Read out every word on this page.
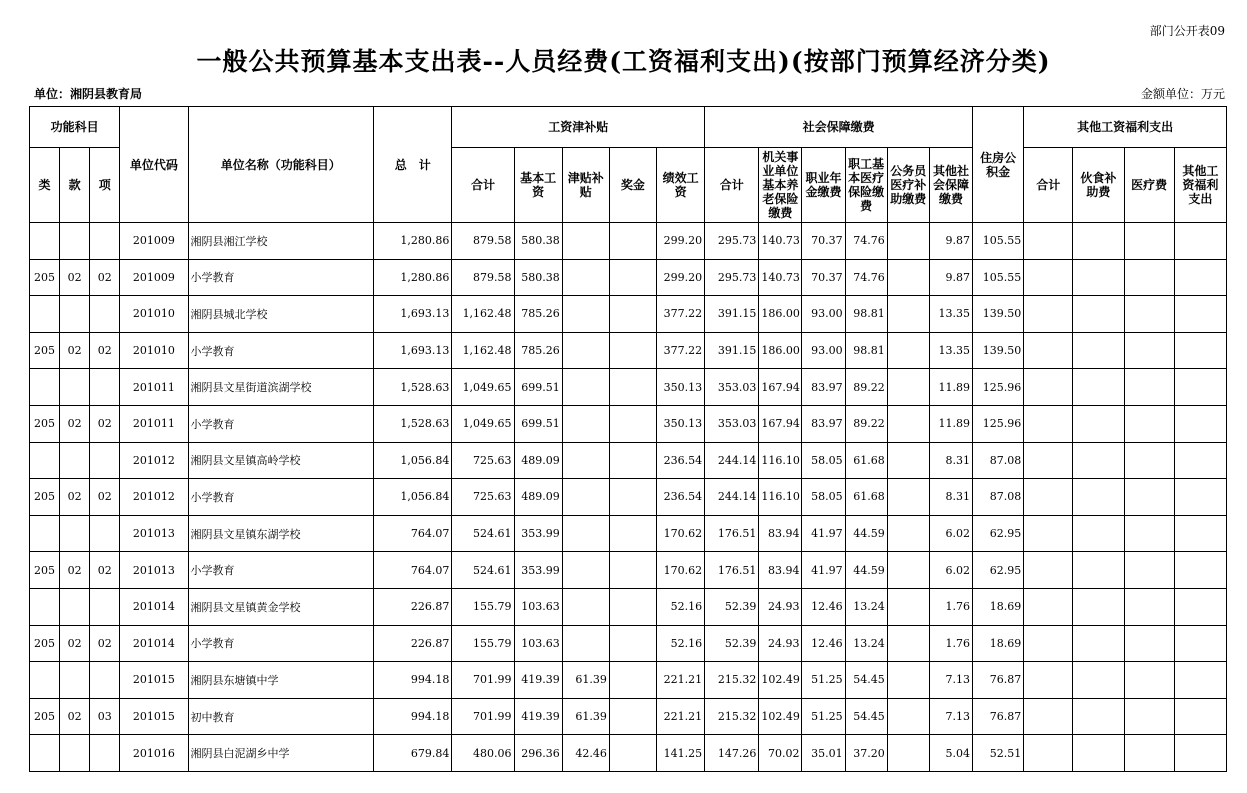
部门公开表09
一般公共预算基本支出表--人员经费(工资福利支出)(按部门预算经济分类)
单位：湘阴县教育局	金额单位：万元
功能科目			单位代码	单位名称（功能科目）	总　计	工资津补贴					社会保障缴费						住房公积金	其他工资福利支出			
类	款	项				合计	基本工资	津贴补贴	奖金	绩效工资	合计	机关事业单位基本养老保险缴费	职业年金缴费	职工基本医疗保险缴费	公务员医疗补助缴费	其他社会保障缴费		合计	伙食补助费	医疗费	其他工资福利支出
			201009	湘阴县湘江学校	1,280.86	879.58	580.38			299.20	295.73	140.73	70.37	74.76		9.87	105.55				
205	02	02	201009	小学教育	1,280.86	879.58	580.38			299.20	295.73	140.73	70.37	74.76		9.87	105.55				
			201010	湘阴县城北学校	1,693.13	1,162.48	785.26			377.22	391.15	186.00	93.00	98.81		13.35	139.50				
205	02	02	201010	小学教育	1,693.13	1,162.48	785.26			377.22	391.15	186.00	93.00	98.81		13.35	139.50				
			201011	湘阴县文星街道滨湖学校	1,528.63	1,049.65	699.51			350.13	353.03	167.94	83.97	89.22		11.89	125.96				
205	02	02	201011	小学教育	1,528.63	1,049.65	699.51			350.13	353.03	167.94	83.97	89.22		11.89	125.96				
			201012	湘阴县文星镇高岭学校	1,056.84	725.63	489.09			236.54	244.14	116.10	58.05	61.68		8.31	87.08				
205	02	02	201012	小学教育	1,056.84	725.63	489.09			236.54	244.14	116.10	58.05	61.68		8.31	87.08				
			201013	湘阴县文星镇东湖学校	764.07	524.61	353.99			170.62	176.51	83.94	41.97	44.59		6.02	62.95				
205	02	02	201013	小学教育	764.07	524.61	353.99			170.62	176.51	83.94	41.97	44.59		6.02	62.95				
			201014	湘阴县文星镇黄金学校	226.87	155.79	103.63			52.16	52.39	24.93	12.46	13.24		1.76	18.69				
205	02	02	201014	小学教育	226.87	155.79	103.63			52.16	52.39	24.93	12.46	13.24		1.76	18.69				
			201015	湘阴县东塘镇中学	994.18	701.99	419.39	61.39		221.21	215.32	102.49	51.25	54.45		7.13	76.87				
205	02	03	201015	初中教育	994.18	701.99	419.39	61.39		221.21	215.32	102.49	51.25	54.45		7.13	76.87				
			201016	湘阴县白泥湖乡中学	679.84	480.06	296.36	42.46		141.25	147.26	70.02	35.01	37.20		5.04	52.51				
